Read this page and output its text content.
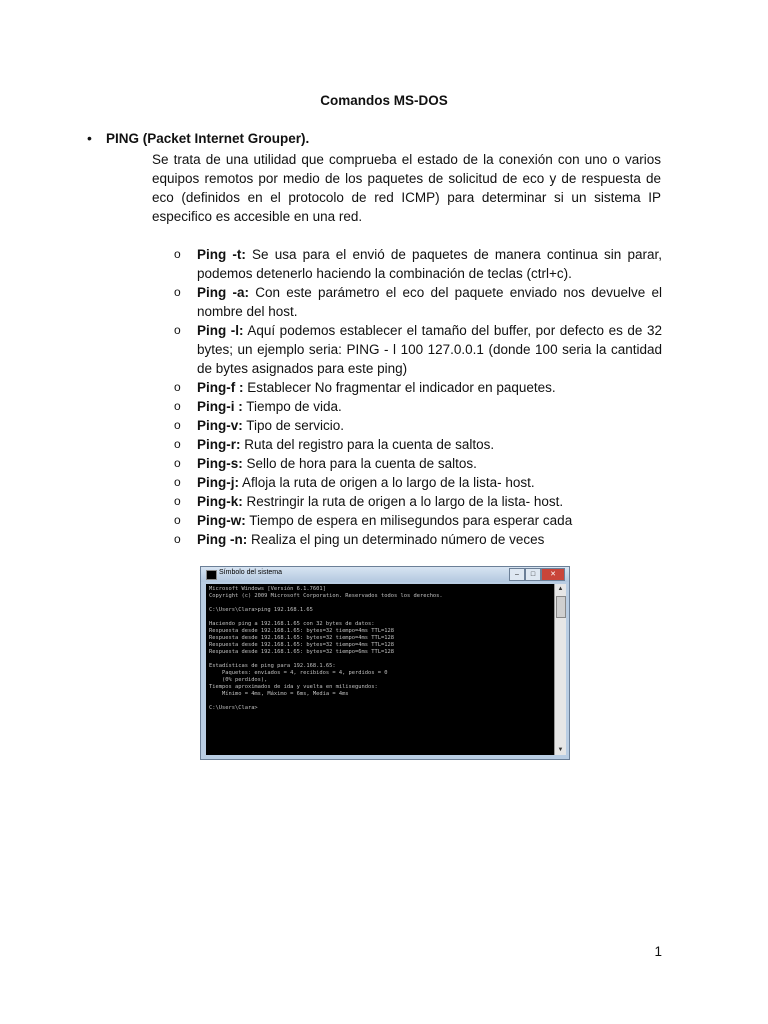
Comandos MS-DOS
• PING (Packet Internet Grouper).
Se trata de una utilidad que comprueba el estado de la conexión con uno o varios equipos remotos por medio de los paquetes de solicitud de eco y de respuesta de eco (definidos en el protocolo de red ICMP) para determinar si un sistema IP especifico es accesible en una red.
o Ping -t: Se usa para el envió de paquetes de manera continua sin parar, podemos detenerlo haciendo la combinación de teclas (ctrl+c).
o Ping -a: Con este parámetro el eco del paquete enviado nos devuelve el nombre del host.
o Ping -l: Aquí podemos establecer el tamaño del buffer, por defecto es de 32 bytes; un ejemplo seria: PING - l 100 127.0.0.1 (donde 100 seria la cantidad de bytes asignados para este ping)
o Ping-f : Establecer No fragmentar el indicador en paquetes.
o Ping-i : Tiempo de vida.
o Ping-v: Tipo de servicio.
o Ping-r: Ruta del registro para la cuenta de saltos.
o Ping-s: Sello de hora para la cuenta de saltos.
o Ping-j: Afloja la ruta de origen a lo largo de la lista- host.
o Ping-k: Restringir la ruta de origen a lo largo de la lista- host.
o Ping-w: Tiempo de espera en milisegundos para esperar cada
o Ping -n: Realiza el ping un determinado número de veces
Símbolo del sistema	–	□	✕
Microsoft Windows [Versión 6.1.7601]
Copyright (c) 2009 Microsoft Corporation. Reservados todos los derechos.

C:\Users\Clara>ping 192.168.1.65

Haciendo ping a 192.168.1.65 con 32 bytes de datos:
Respuesta desde 192.168.1.65: bytes=32 tiempo=4ms TTL=128
Respuesta desde 192.168.1.65: bytes=32 tiempo=4ms TTL=128
Respuesta desde 192.168.1.65: bytes=32 tiempo=4ms TTL=128
Respuesta desde 192.168.1.65: bytes=32 tiempo=6ms TTL=128

Estadísticas de ping para 192.168.1.65:
Paquetes: enviados = 4, recibidos = 4, perdidos = 0
(0% perdidos),
Tiempos aproximados de ida y vuelta en milisegundos:
Mínimo = 4ms, Máximo = 6ms, Media = 4ms

C:\Users\Clara>
▲
▼
1
